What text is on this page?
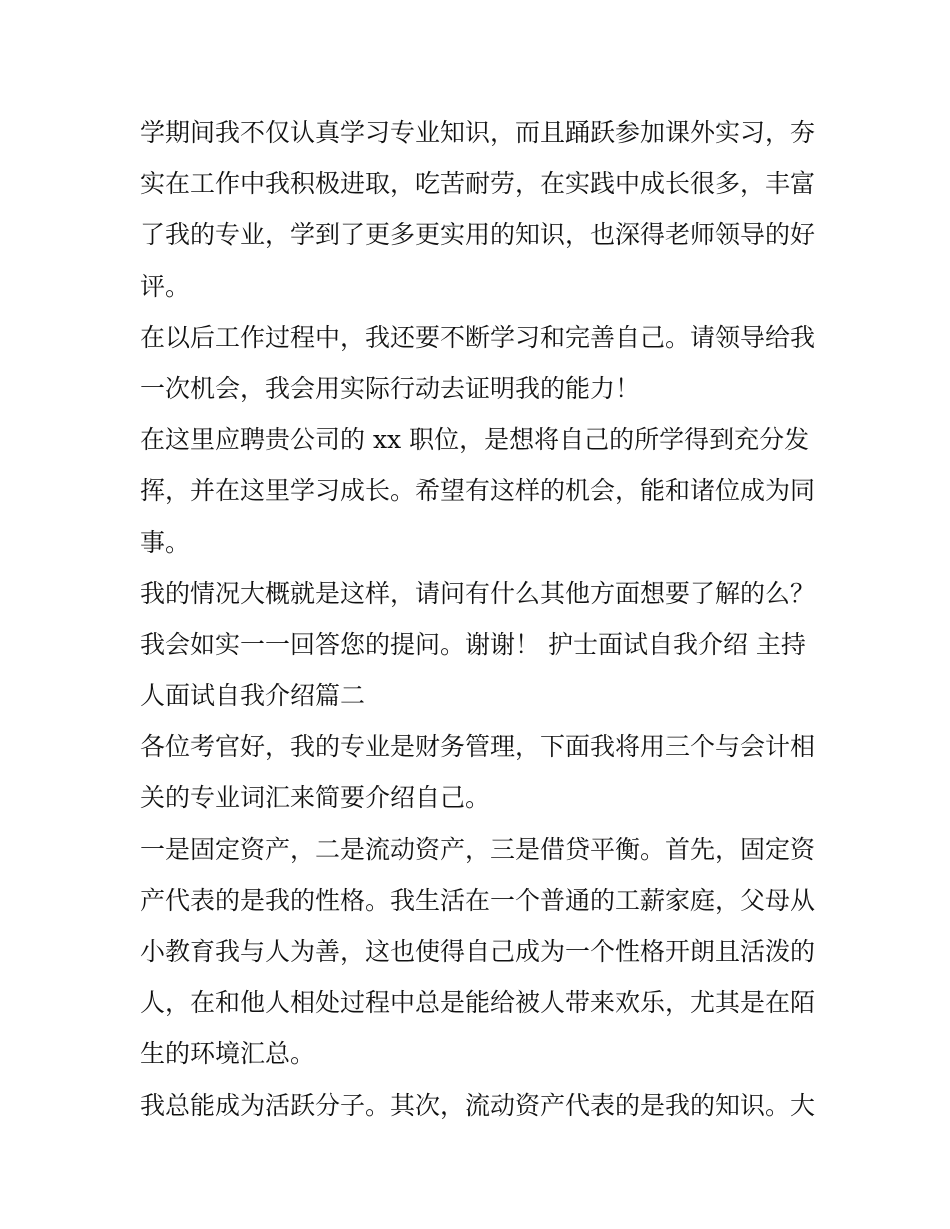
学期间我不仅认真学习专业知识，而且踊跃参加课外实习，夯
实在工作中我积极进取，吃苦耐劳，在实践中成长很多，丰富
了我的专业，学到了更多更实用的知识，也深得老师领导的好
评。
在以后工作过程中，我还要不断学习和完善自己。请领导给我
一次机会，我会用实际行动去证明我的能力！
在这里应聘贵公司的 xx 职位，是想将自己的所学得到充分发
挥，并在这里学习成长。希望有这样的机会，能和诸位成为同
事。
我的情况大概就是这样，请问有什么其他方面想要了解的么？
我会如实一一回答您的提问。谢谢！ 护士面试自我介绍 主持
人面试自我介绍篇二
各位考官好，我的专业是财务管理，下面我将用三个与会计相
关的专业词汇来简要介绍自己。
一是固定资产，二是流动资产，三是借贷平衡。首先，固定资
产代表的是我的性格。我生活在一个普通的工薪家庭，父母从
小教育我与人为善，这也使得自己成为一个性格开朗且活泼的
人，在和他人相处过程中总是能给被人带来欢乐，尤其是在陌
生的环境汇总。
我总能成为活跃分子。其次，流动资产代表的是我的知识。大
